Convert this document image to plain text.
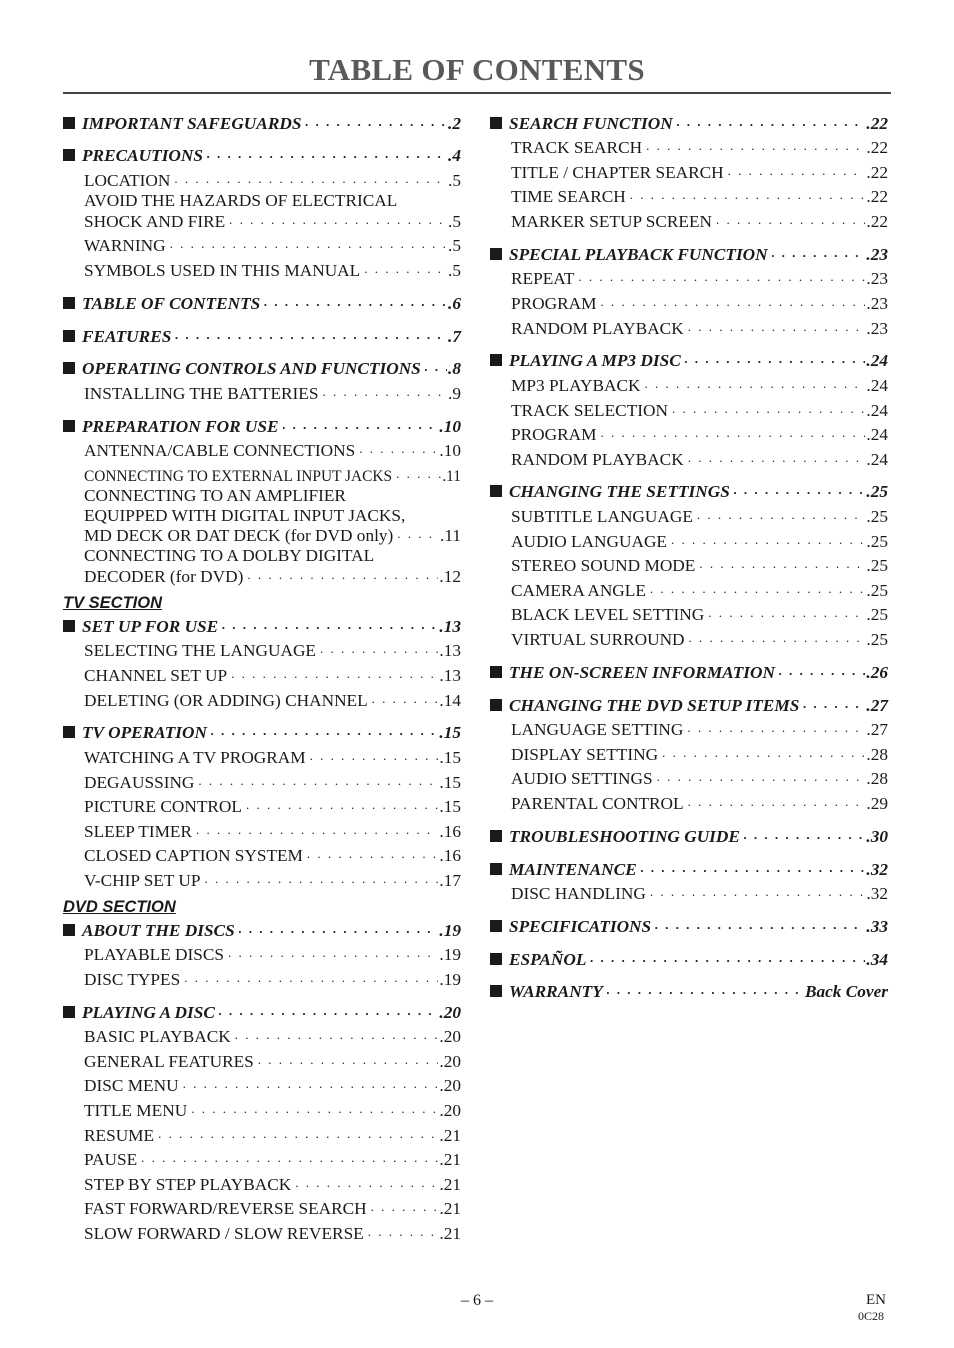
TABLE OF CONTENTS
IMPORTANT SAFEGUARDS . . .	.2
PRECAUTIONS . . .	.4
LOCATION . . .	.5
AVOID THE HAZARDS OF ELECTRICAL
SHOCK AND FIRE . . .	.5
WARNING . . .	.5
SYMBOLS USED IN THIS MANUAL . . .	.5
TABLE OF CONTENTS . . .	.6
FEATURES . . .	.7
OPERATING CONTROLS AND FUNCTIONS . . . .8
INSTALLING THE BATTERIES . . .	.9
PREPARATION FOR USE . . .	.10
ANTENNA/CABLE CONNECTIONS . . .	.10
CONNECTING TO EXTERNAL INPUT JACKS . . .	.11
CONNECTING TO AN AMPLIFIER
EQUIPPED WITH DIGITAL INPUT JACKS,
MD DECK OR DAT DECK (for DVD only) . . .	.11
CONNECTING TO A DOLBY DIGITAL
DECODER (for DVD) . . .	.12
TV SECTION
SET UP FOR USE . . .	.13
SELECTING THE LANGUAGE . . .	.13
CHANNEL SET UP . . .	.13
DELETING (OR ADDING) CHANNEL . . .	.14
TV OPERATION . . .	.15
WATCHING A TV PROGRAM . . .	.15
DEGAUSSING . . .	.15
PICTURE CONTROL . . .	.15
SLEEP TIMER . . .	.16
CLOSED CAPTION SYSTEM . . .	.16
V-CHIP SET UP . . .	.17
DVD SECTION
ABOUT THE DISCS . . .	.19
PLAYABLE DISCS . . .	.19
DISC TYPES . . .	.19
PLAYING A DISC . . .	.20
BASIC PLAYBACK . . .	.20
GENERAL FEATURES . . .	.20
DISC MENU . . .	.20
TITLE MENU . . .	.20
RESUME . . .	.21
PAUSE . . .	.21
STEP BY STEP PLAYBACK . . .	.21
FAST FORWARD/REVERSE SEARCH . . .	.21
SLOW FORWARD / SLOW REVERSE . . .	.21
SEARCH FUNCTION . . .	.22
TRACK SEARCH . . .	.22
TITLE / CHAPTER SEARCH . . .	.22
TIME SEARCH . . .	.22
MARKER SETUP SCREEN . . .	.22
SPECIAL PLAYBACK FUNCTION . . .	.23
REPEAT . . .	.23
PROGRAM . . .	.23
RANDOM PLAYBACK . . .	.23
PLAYING A MP3 DISC . . .	.24
MP3 PLAYBACK . . .	.24
TRACK SELECTION . . .	.24
PROGRAM . . .	.24
RANDOM PLAYBACK . . .	.24
CHANGING THE SETTINGS . . .	.25
SUBTITLE LANGUAGE . . .	.25
AUDIO LANGUAGE . . .	.25
STEREO SOUND MODE . . .	.25
CAMERA ANGLE . . .	.25
BLACK LEVEL SETTING . . .	.25
VIRTUAL SURROUND . . .	.25
THE ON-SCREEN INFORMATION . . .	.26
CHANGING THE DVD SETUP ITEMS . . .	.27
LANGUAGE SETTING . . .	.27
DISPLAY SETTING . . .	.28
AUDIO SETTINGS . . .	.28
PARENTAL CONTROL . . .	.29
TROUBLESHOOTING GUIDE . . .	.30
MAINTENANCE . . .	.32
DISC HANDLING . . .	.32
SPECIFICATIONS . . .	.33
ESPAÑOL . . .	.34
WARRANTY . . .	Back Cover
– 6 –	EN
0C28
